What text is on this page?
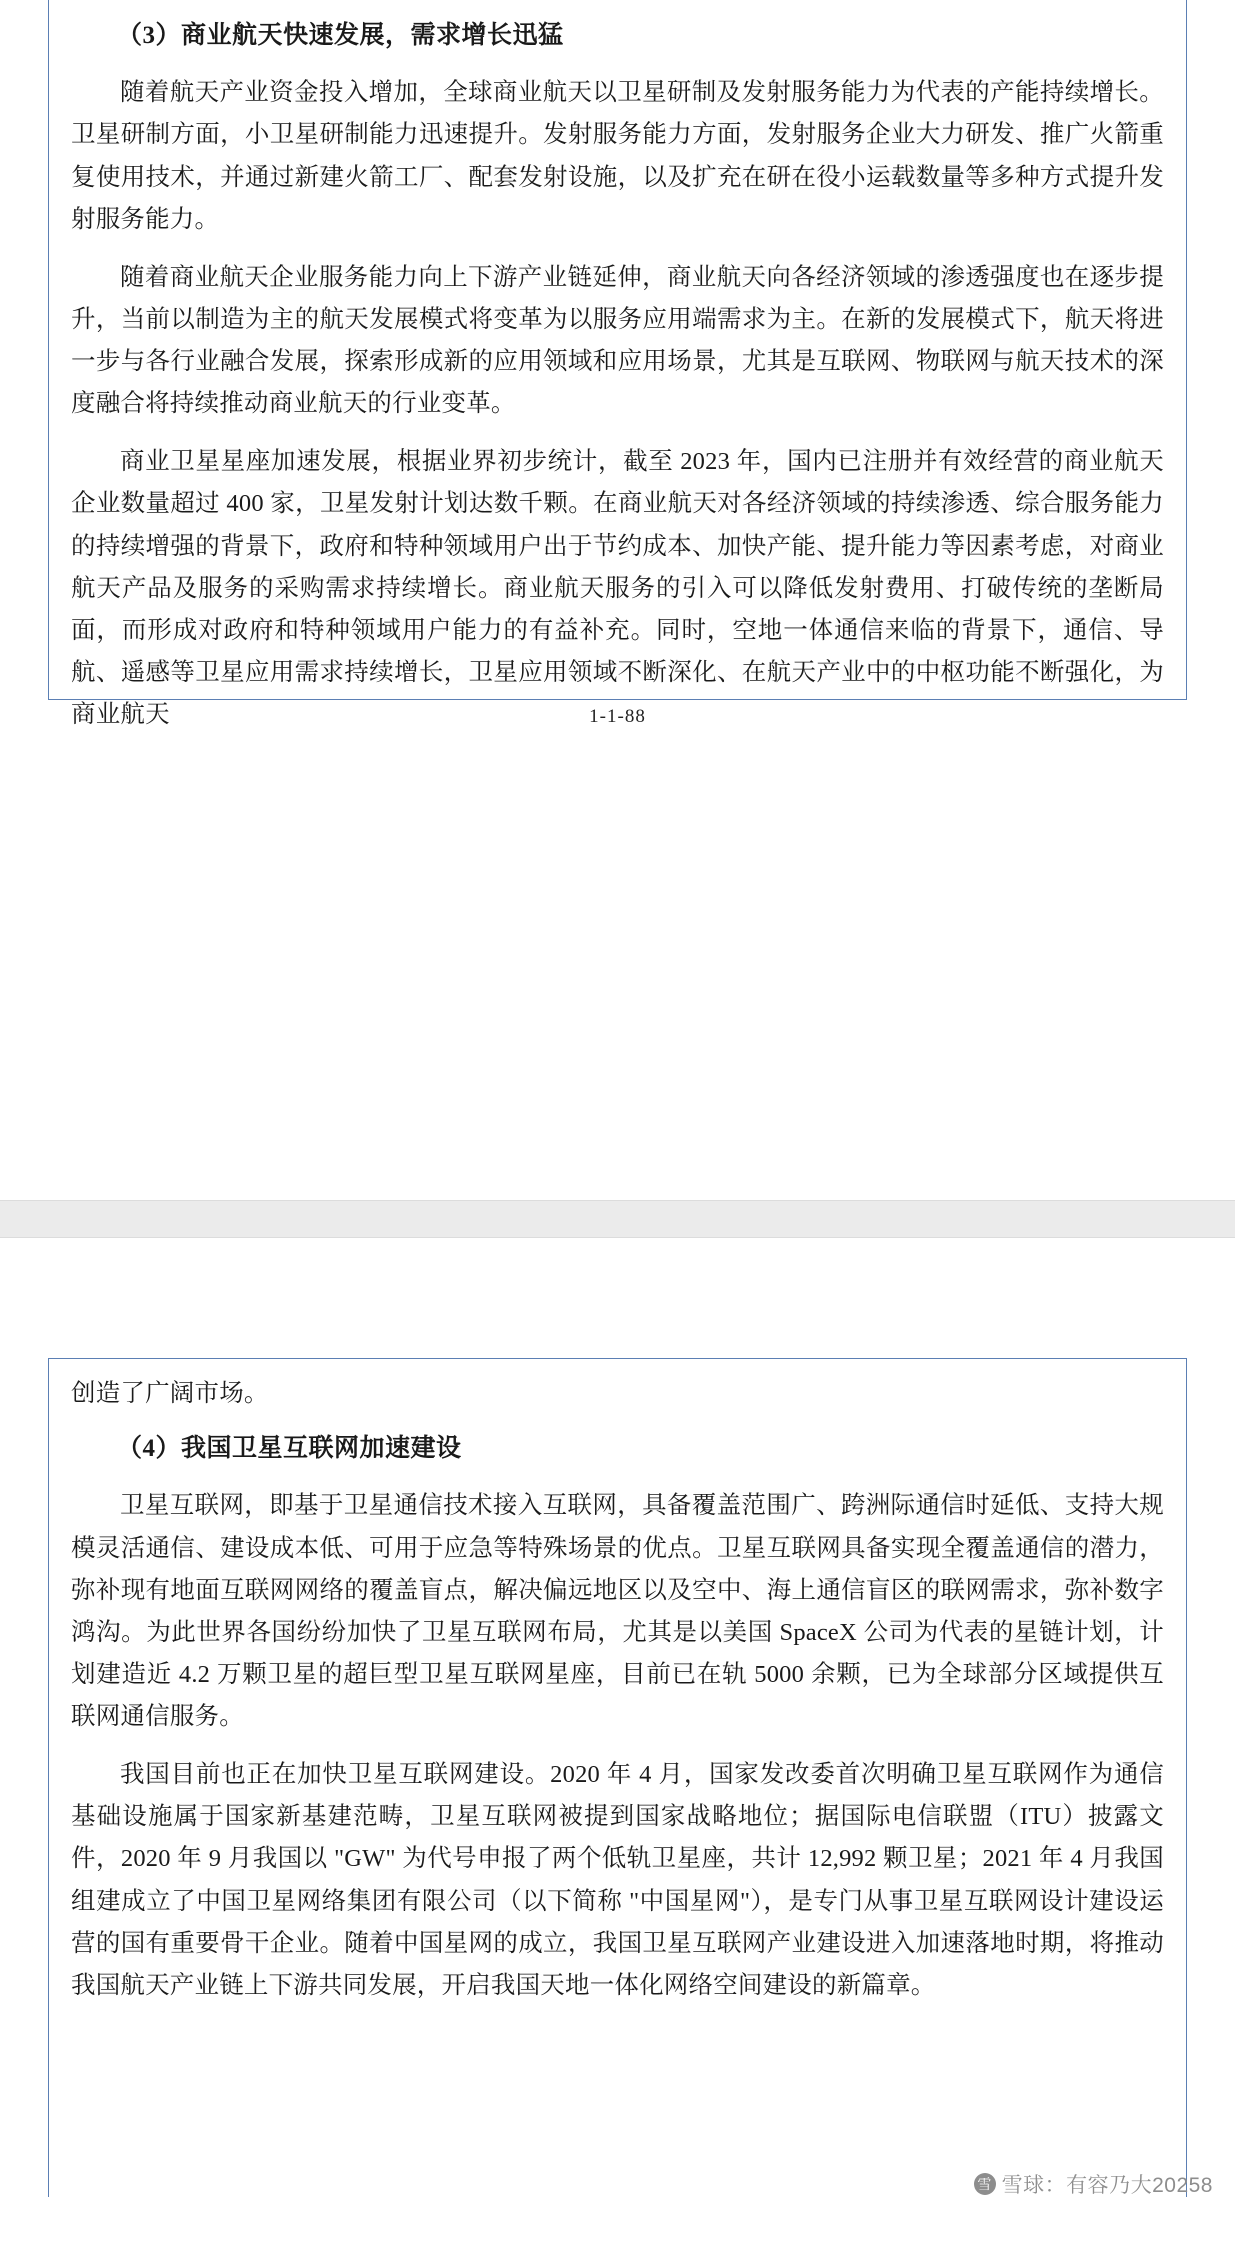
（3）商业航天快速发展，需求增长迅猛

随着航天产业资金投入增加，全球商业航天以卫星研制及发射服务能力为代表的产能持续增长。卫星研制方面，小卫星研制能力迅速提升。发射服务能力方面，发射服务企业大力研发、推广火箭重复使用技术，并通过新建火箭工厂、配套发射设施，以及扩充在研在役小运载数量等多种方式提升发射服务能力。

随着商业航天企业服务能力向上下游产业链延伸，商业航天向各经济领域的渗透强度也在逐步提升，当前以制造为主的航天发展模式将变革为以服务应用端需求为主。在新的发展模式下，航天将进一步与各行业融合发展，探索形成新的应用领域和应用场景，尤其是互联网、物联网与航天技术的深度融合将持续推动商业航天的行业变革。

商业卫星星座加速发展，根据业界初步统计，截至 2023 年，国内已注册并有效经营的商业航天企业数量超过 400 家，卫星发射计划达数千颗。在商业航天对各经济领域的持续渗透、综合服务能力的持续增强的背景下，政府和特种领域用户出于节约成本、加快产能、提升能力等因素考虑，对商业航天产品及服务的采购需求持续增长。商业航天服务的引入可以降低发射费用、打破传统的垄断局面，而形成对政府和特种领域用户能力的有益补充。同时，空地一体通信来临的背景下，通信、导航、遥感等卫星应用需求持续增长，卫星应用领域不断深化、在航天产业中的中枢功能不断强化，为商业航天	1-1-88

创造了广阔市场。

（4）我国卫星互联网加速建设

卫星互联网，即基于卫星通信技术接入互联网，具备覆盖范围广、跨洲际通信时延低、支持大规模灵活通信、建设成本低、可用于应急等特殊场景的优点。卫星互联网具备实现全覆盖通信的潜力，弥补现有地面互联网网络的覆盖盲点，解决偏远地区以及空中、海上通信盲区的联网需求，弥补数字鸿沟。为此世界各国纷纷加快了卫星互联网布局，尤其是以美国 SpaceX 公司为代表的星链计划，计划建造近 4.2 万颗卫星的超巨型卫星互联网星座，目前已在轨 5000 余颗，已为全球部分区域提供互联网通信服务。

我国目前也正在加快卫星互联网建设。2020 年 4 月，国家发改委首次明确卫星互联网作为通信基础设施属于国家新基建范畴，卫星互联网被提到国家战略地位；据国际电信联盟（ITU）披露文件，2020 年 9 月我国以 "GW" 为代号申报了两个低轨卫星座，共计 12,992 颗卫星；2021 年 4 月我国组建成立了中国卫星网络集团有限公司（以下简称 "中国星网"），是专门从事卫星互联网设计建设运营的国有重要骨干企业。随着中国星网的成立，我国卫星互联网产业建设进入加速落地时期，将推动我国航天产业链上下游共同发展，开启我国天地一体化网络空间建设的新篇章。

雪 雪球：有容乃大20258
